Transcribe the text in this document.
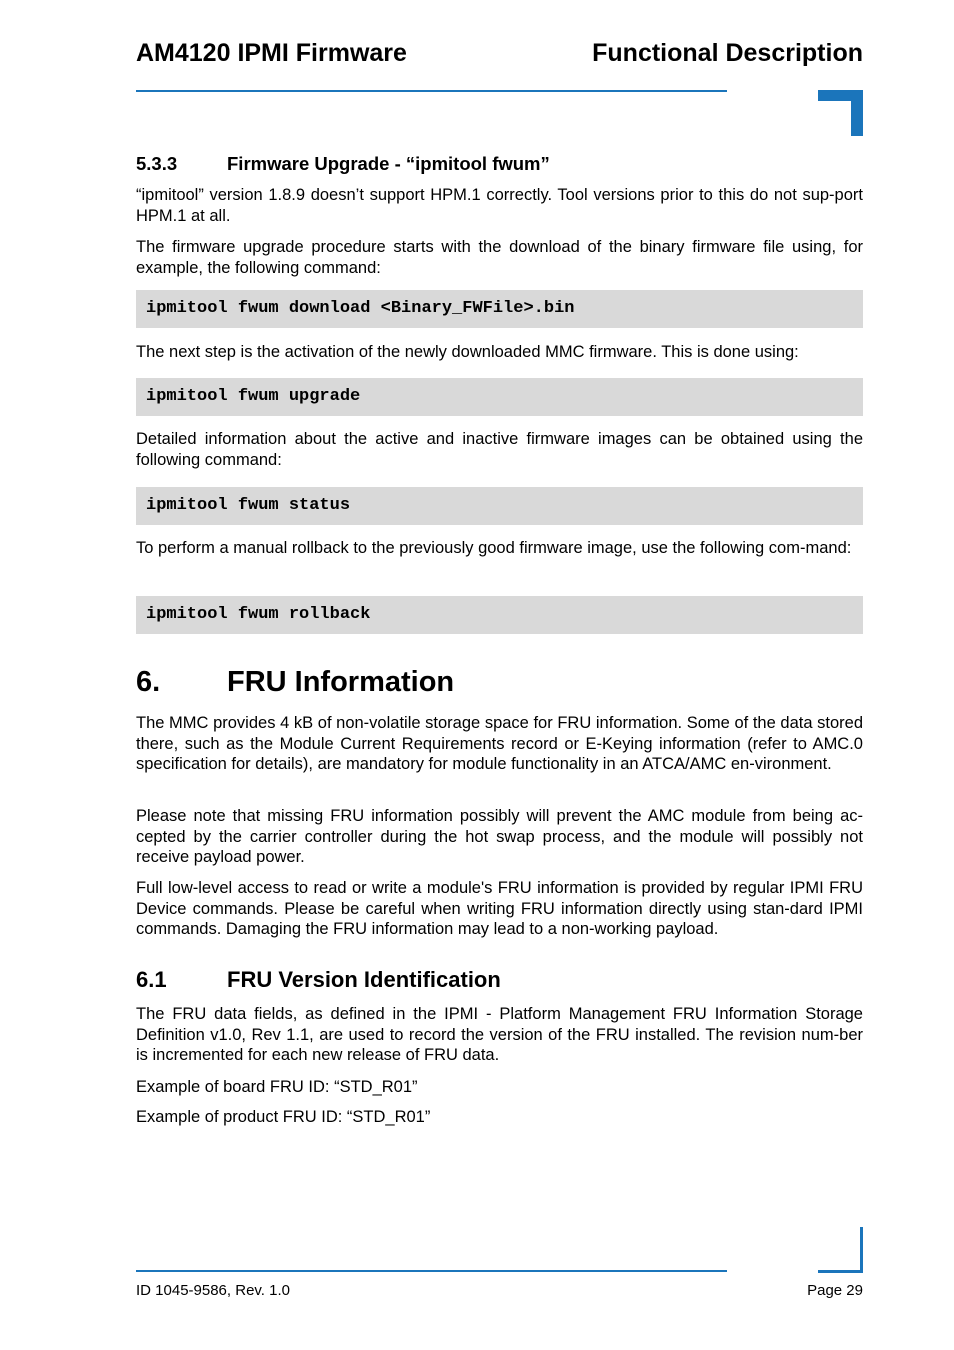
AM4120 IPMI Firmware	Functional Description
5.3.3	Firmware Upgrade - “ipmitool fwum”

“ipmitool” version 1.8.9 doesn’t support HPM.1 correctly. Tool versions prior to this do not sup-port HPM.1 at all.

The firmware upgrade procedure starts with the download of the binary firmware file using, for example, the following command:

ipmitool fwum download <Binary_FWFile>.bin

The next step is the activation of the newly downloaded MMC firmware. This is done using:

ipmitool fwum upgrade

Detailed information about the active and inactive firmware images can be obtained using the following command:

ipmitool fwum status

To perform a manual rollback to the previously good firmware image, use the following com-mand:

ipmitool fwum rollback
6. FRU Information

The MMC provides 4 kB of non-volatile storage space for FRU information. Some of the data stored there, such as the Module Current Requirements record or E-Keying information (refer to AMC.0 specification for details), are mandatory for module functionality in an ATCA/AMC en-vironment.

Please note that missing FRU information possibly will prevent the AMC module from being ac-cepted by the carrier controller during the hot swap process, and the module will possibly not receive payload power.

Full low-level access to read or write a module's FRU information is provided by regular IPMI FRU Device commands. Please be careful when writing FRU information directly using stan-dard IPMI commands. Damaging the FRU information may lead to a non-working payload.

6.1	FRU Version Identification

The FRU data fields, as defined in the IPMI - Platform Management FRU Information Storage Definition v1.0, Rev 1.1, are used to record the version of the FRU installed. The revision num-ber is incremented for each new release of FRU data.

Example of board FRU ID: “STD_R01”

Example of product FRU ID: “STD_R01”

ID 1045-9586, Rev. 1.0	Page 29
